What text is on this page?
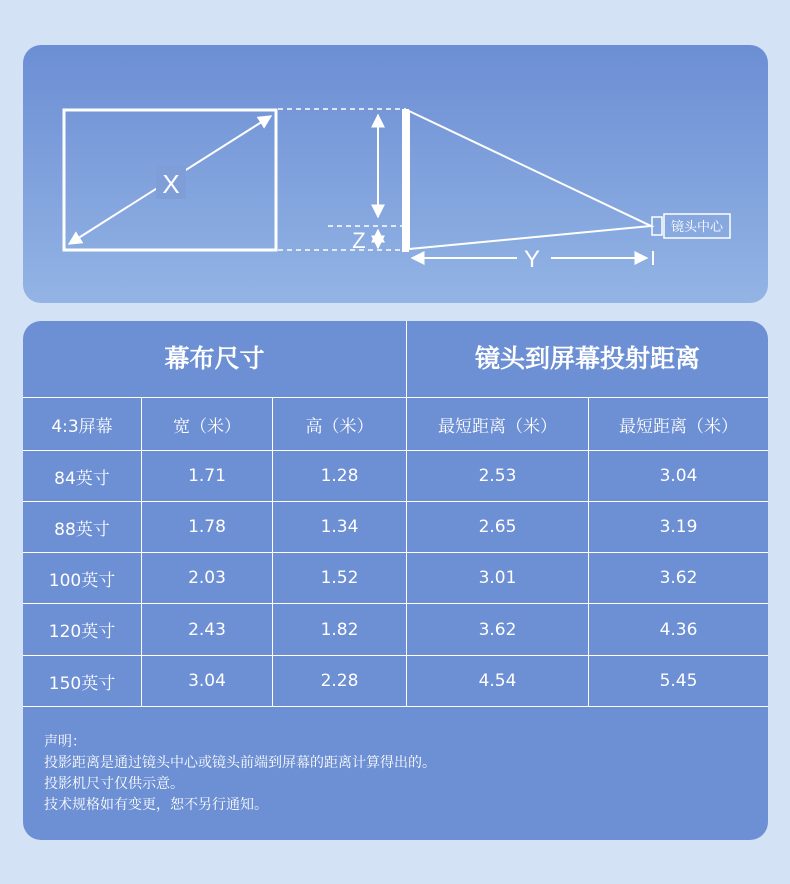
X
Z
镜头中心
Y
幕布尺寸	镜头到屏幕投射距离
4:3屏幕	宽（米）	高（米）	最短距离（米）	最短距离（米）
84英寸	1.71	1.28	2.53	3.04
88英寸	1.78	1.34	2.65	3.19
100英寸	2.03	1.52	3.01	3.62
120英寸	2.43	1.82	3.62	4.36
150英寸	3.04	2.28	4.54	5.45
声明：
投影距离是通过镜头中心或镜头前端到屏幕的距离计算得出的。
投影机尺寸仅供示意。
技术规格如有变更，恕不另行通知。
